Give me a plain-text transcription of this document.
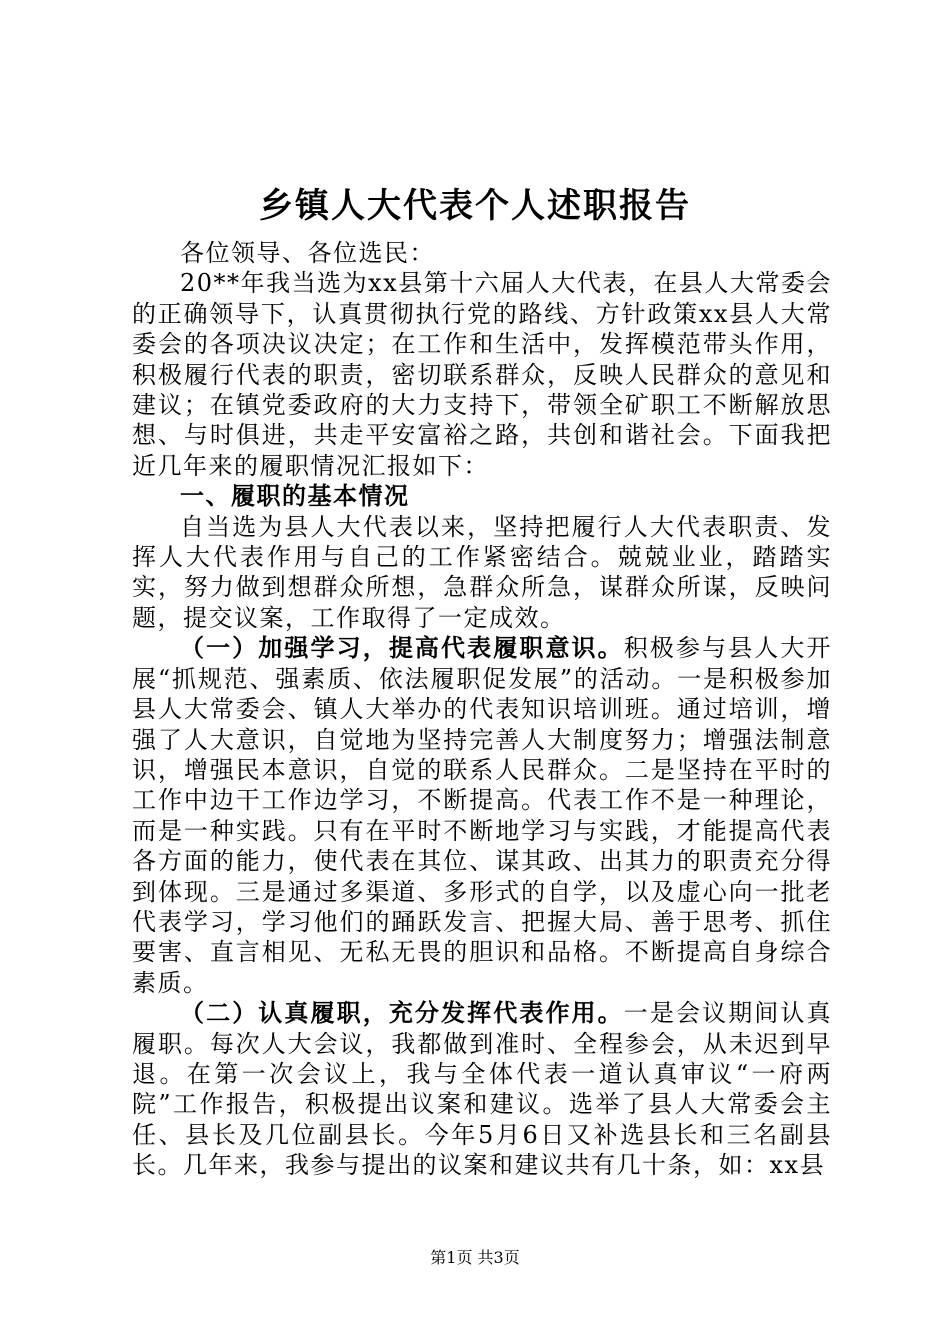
乡镇人大代表个人述职报告

各位领导、各位选民：

20**年我当选为xx县第十六届人大代表，在县人大常委会的正确领导下，认真贯彻执行党的路线、方针政策xx县人大常委会的各项决议决定；在工作和生活中，发挥模范带头作用，积极履行代表的职责，密切联系群众，反映人民群众的意见和建议；在镇党委政府的大力支持下，带领全矿职工不断解放思想、与时俱进，共走平安富裕之路，共创和谐社会。下面我把近几年来的履职情况汇报如下：

一、履职的基本情况

自当选为县人大代表以来，坚持把履行人大代表职责、发挥人大代表作用与自己的工作紧密结合。兢兢业业，踏踏实实，努力做到想群众所想，急群众所急，谋群众所谋，反映问题，提交议案，工作取得了一定成效。

（一）加强学习，提高代表履职意识。积极参与县人大开展“抓规范、强素质、依法履职促发展”的活动。一是积极参加县人大常委会、镇人大举办的代表知识培训班。通过培训，增强了人大意识，自觉地为坚持完善人大制度努力；增强法制意识，增强民本意识，自觉的联系人民群众。二是坚持在平时的工作中边干工作边学习，不断提高。代表工作不是一种理论，而是一种实践。只有在平时不断地学习与实践，才能提高代表各方面的能力，使代表在其位、谋其政、出其力的职责充分得到体现。三是通过多渠道、多形式的自学，以及虚心向一批老代表学习，学习他们的踊跃发言、把握大局、善于思考、抓住要害、直言相见、无私无畏的胆识和品格。不断提高自身综合素质。

（二）认真履职，充分发挥代表作用。一是会议期间认真履职。每次人大会议，我都做到准时、全程参会，从未迟到早退。在第一次会议上，我与全体代表一道认真审议“一府两院”工作报告，积极提出议案和建议。选举了县人大常委会主任、县长及几位副县长。今年5月6日又补选县长和三名副县长。几年来，我参与提出的议案和建议共有几十条，如：xx县

第1页 共3页
